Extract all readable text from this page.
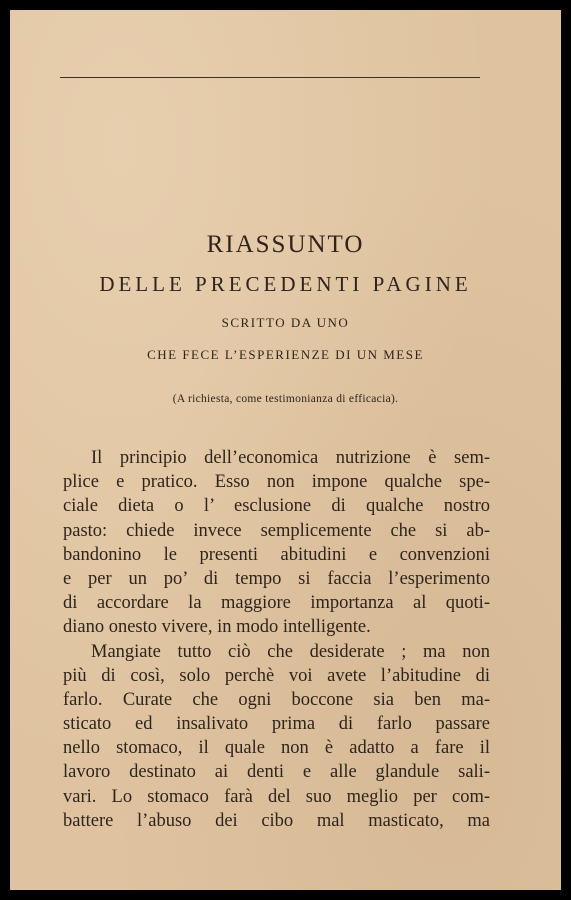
RIASSUNTO
DELLE PRECEDENTI PAGINE
SCRITTO DA UNO
CHE FECE L’ESPERIENZE DI UN MESE
(A richiesta, come testimonianza di efficacia).
Il principio dell’economica nutrizione è sem-
plice e pratico. Esso non impone qualche spe-
ciale dieta o l’ esclusione di qualche nostro
pasto: chiede invece semplicemente che si ab-
bandonino le presenti abitudini e convenzioni
e per un po’ di tempo si faccia l’esperimento
di accordare la maggiore importanza al quoti-
diano onesto vivere, in modo intelligente.
Mangiate tutto ciò che desiderate ; ma non
più di così, solo perchè voi avete l’abitudine di
farlo. Curate che ogni boccone sia ben ma-
sticato ed insalivato prima di farlo passare
nello stomaco, il quale non è adatto a fare il
lavoro destinato ai denti e alle glandule sali-
vari. Lo stomaco farà del suo meglio per com-
battere l’abuso dei cibo mal masticato, ma
